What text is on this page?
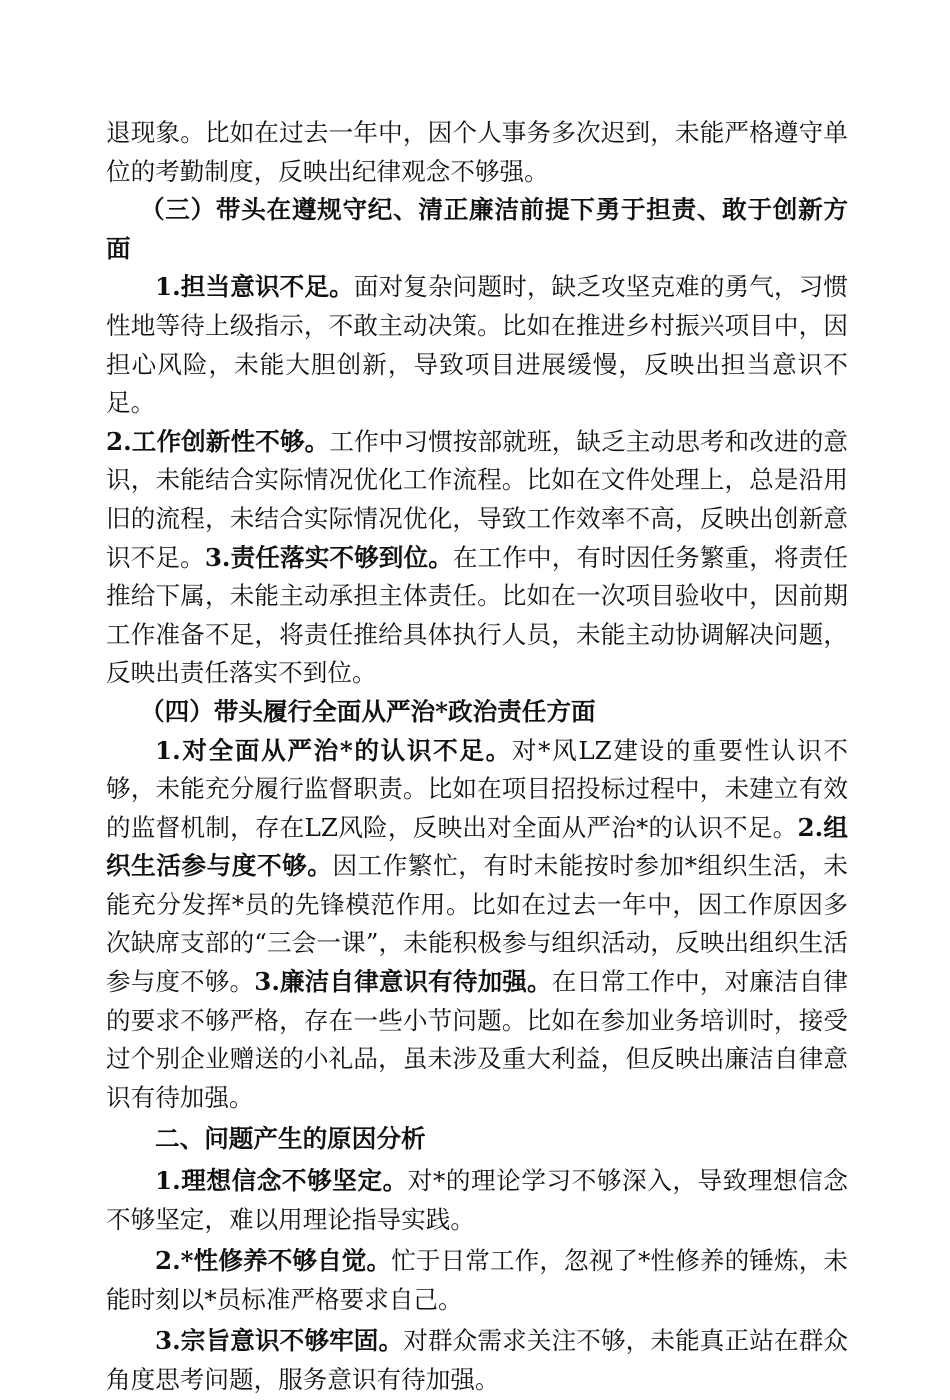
退现象。比如在过去一年中，因个人事务多次迟到，未能严格遵守单位的考勤制度，反映出纪律观念不够强。

（三）带头在遵规守纪、清正廉洁前提下勇于担责、敢于创新方面

1.担当意识不足。面对复杂问题时，缺乏攻坚克难的勇气，习惯性地等待上级指示，不敢主动决策。比如在推进乡村振兴项目中，因担心风险，未能大胆创新，导致项目进展缓慢，反映出担当意识不足。

2.工作创新性不够。工作中习惯按部就班，缺乏主动思考和改进的意识，未能结合实际情况优化工作流程。比如在文件处理上，总是沿用旧的流程，未结合实际情况优化，导致工作效率不高，反映出创新意识不足。3.责任落实不够到位。在工作中，有时因任务繁重，将责任推给下属，未能主动承担主体责任。比如在一次项目验收中，因前期工作准备不足，将责任推给具体执行人员，未能主动协调解决问题，反映出责任落实不到位。

（四）带头履行全面从严治*政治责任方面

1.对全面从严治*的认识不足。对*风LZ建设的重要性认识不够，未能充分履行监督职责。比如在项目招投标过程中，未建立有效的监督机制，存在LZ风险，反映出对全面从严治*的认识不足。2.组织生活参与度不够。因工作繁忙，有时未能按时参加*组织生活，未能充分发挥*员的先锋模范作用。比如在过去一年中，因工作原因多次缺席支部的“三会一课”，未能积极参与组织活动，反映出组织生活参与度不够。3.廉洁自律意识有待加强。在日常工作中，对廉洁自律的要求不够严格，存在一些小节问题。比如在参加业务培训时，接受过个别企业赠送的小礼品，虽未涉及重大利益，但反映出廉洁自律意识有待加强。

二、问题产生的原因分析

1.理想信念不够坚定。对*的理论学习不够深入，导致理想信念不够坚定，难以用理论指导实践。

2.*性修养不够自觉。忙于日常工作，忽视了*性修养的锤炼，未能时刻以*员标准严格要求自己。

3.宗旨意识不够牢固。对群众需求关注不够，未能真正站在群众角度思考问题，服务意识有待加强。
